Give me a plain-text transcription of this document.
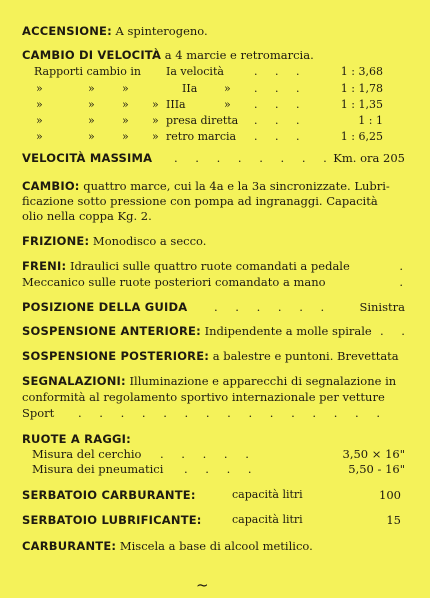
ACCENSIONE: A spinterogeno.
CAMBIO DI VELOCITÀ a 4 marcie e retromarcia.
Rapporti cambio in Ia velocità	. . .	1 : 3,68
»	» »	IIa » . . .	1 : 1,78
»	» » » IIIa	» . . .	1 : 1,35
»	» » » presa diretta . . .	1 : 1
»	» » » retro marcia . . .	1 : 6,25
VELOCITÀ MASSIMA . . . . . . . . Km. ora 205
CAMBIO: quattro marce, cui la 4a e la 3a sincronizzate. Lubri-
ficazione sotto pressione con pompa ad ingranaggi. Capacità
olio nella coppa Kg. 2.
FRIZIONE: Monodisco a secco.
FRENI: Idraulici sulle quattro ruote comandati a pedale	.
Meccanico sulle ruote posteriori comandato a mano	.
POSIZIONE DELLA GUIDA . . . . . . Sinistra
SOSPENSIONE ANTERIORE: Indipendente a molle spirale . .
SOSPENSIONE POSTERIORE: a balestre e puntoni. Brevettata
SEGNALAZIONI: Illuminazione e apparecchi di segnalazione in
conformità al regolamento sportivo internazionale per vetture
Sport . . . . . . . . . . . . . . .
RUOTE A RAGGI:
Misura del cerchio . . . . .	3,50 × 16"
Misura dei pneumatici . . . .	5,50 - 16"
SERBATOIO CARBURANTE:	capacità litri	100
SERBATOIO LUBRIFICANTE:	capacità litri	15
CARBURANTE: Miscela a base di alcool metilico.
~
